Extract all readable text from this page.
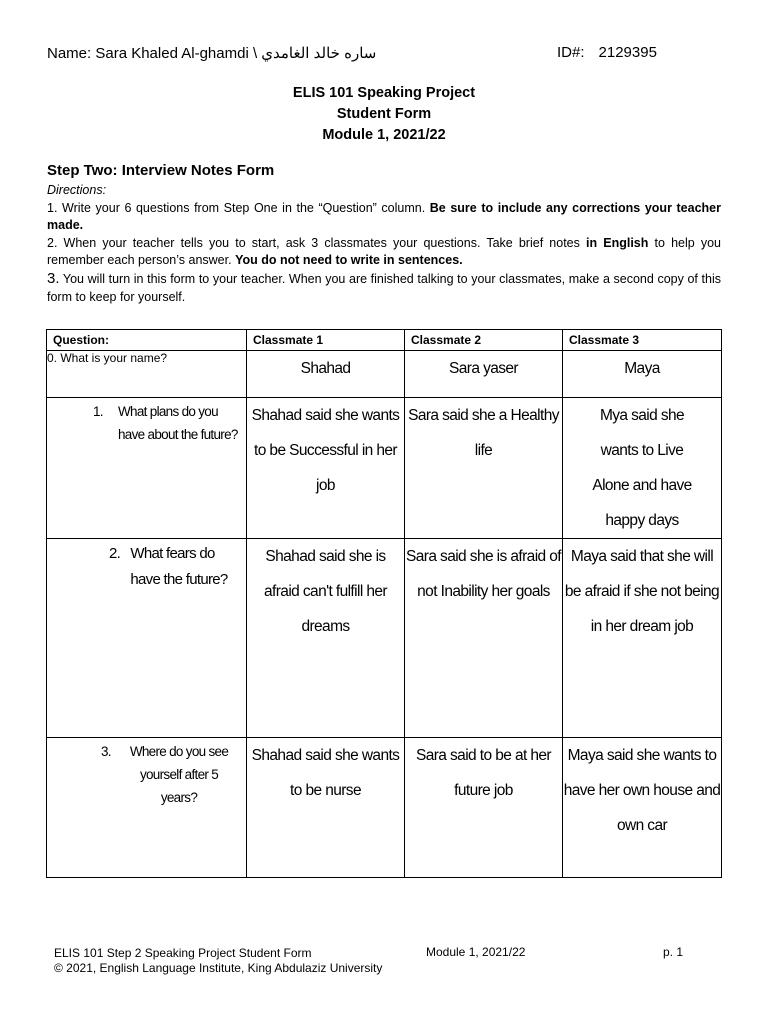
Name: Sara Khaled Al-ghamdi \ ساره خالد الغامدي	ID#: 2129395
ELIS 101 Speaking Project
Student Form
Module 1, 2021/22
Step Two: Interview Notes Form

Directions:

1. Write your 6 questions from Step One in the “Question” column. Be sure to include any corrections your teacher made.

2. When your teacher tells you to start, ask 3 classmates your questions. Take brief notes in English to help you remember each person’s answer. You do not need to write in sentences.

3. You will turn in this form to your teacher. When you are finished talking to your classmates, make a second copy of this form to keep for yourself.

Question:	Classmate 1	Classmate 2	Classmate 3
0. What is your name?	Shahad	Sara yaser	Maya

1. What plans do you have about the future?	Shahad said she wants to be Successful in her job	Sara said she a Healthy life	Mya said she wants to Live Alone and have happy days

2. What fears do have the future?	Shahad said she is afraid can't fulfill her dreams	Sara said she is afraid of not Inability her goals	Maya said that she will be afraid if she not being in her dream job

3. Where do you see yourself after 5 years?	Shahad said she wants to be nurse	Sara said to be at her future job	Maya said she wants to have her own house and own car
ELIS 101 Step 2 Speaking Project Student Form	Module 1, 2021/22	p. 1
© 2021, English Language Institute, King Abdulaziz University
